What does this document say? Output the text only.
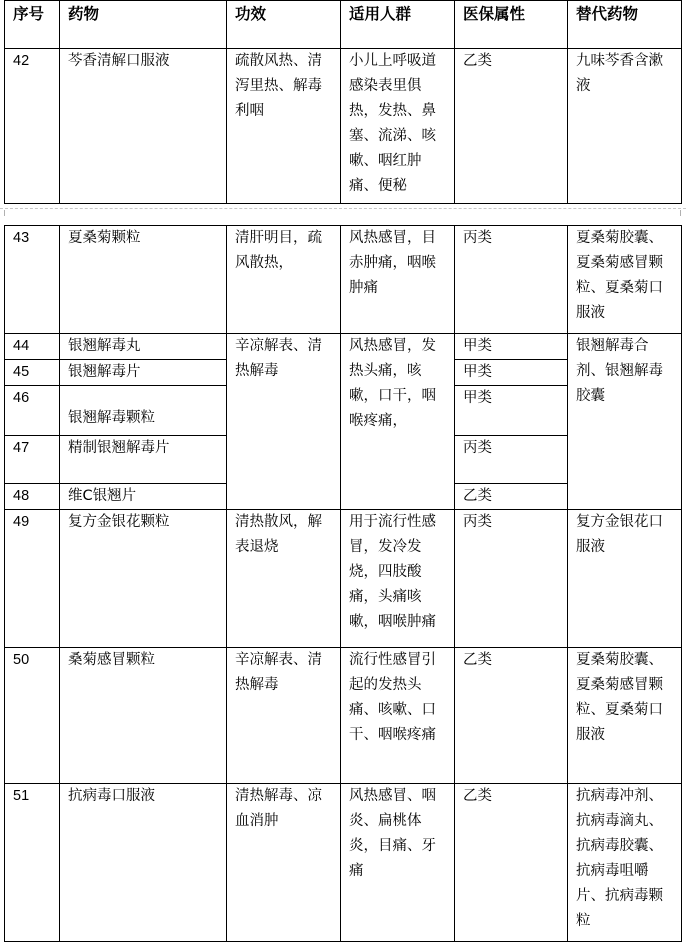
序号	药物	功效	适用人群	医保属性	替代药物
42	芩香清解口服液	疏散风热、清泻里热、解毒利咽	小儿上呼吸道感染表里俱热，发热、鼻塞、流涕、咳嗽、咽红肿痛、便秘	乙类	九味芩香含漱液
43	夏桑菊颗粒	清肝明目，疏风散热，	风热感冒，目赤肿痛，咽喉肿痛	丙类	夏桑菊胶囊、夏桑菊感冒颗粒、夏桑菊口服液
44	银翘解毒丸	辛凉解表、清热解毒	风热感冒，发热头痛，咳嗽，口干，咽喉疼痛，	甲类	银翘解毒合剂、银翘解毒胶囊
45	银翘解毒片			甲类	
46	银翘解毒颗粒			甲类	
47	精制银翘解毒片			丙类	
48	维C银翘片			乙类	
49	复方金银花颗粒	清热散风，解表退烧	用于流行性感冒，发冷发烧，四肢酸痛，头痛咳嗽，咽喉肿痛	丙类	复方金银花口服液
50	桑菊感冒颗粒	辛凉解表、清热解毒	流行性感冒引起的发热头痛、咳嗽、口干、咽喉疼痛	乙类	夏桑菊胶囊、夏桑菊感冒颗粒、夏桑菊口服液
51	抗病毒口服液	清热解毒、凉血消肿	风热感冒、咽炎、扁桃体炎，目痛、牙痛	乙类	抗病毒冲剂、抗病毒滴丸、抗病毒胶囊、抗病毒咀嚼片、抗病毒颗粒
